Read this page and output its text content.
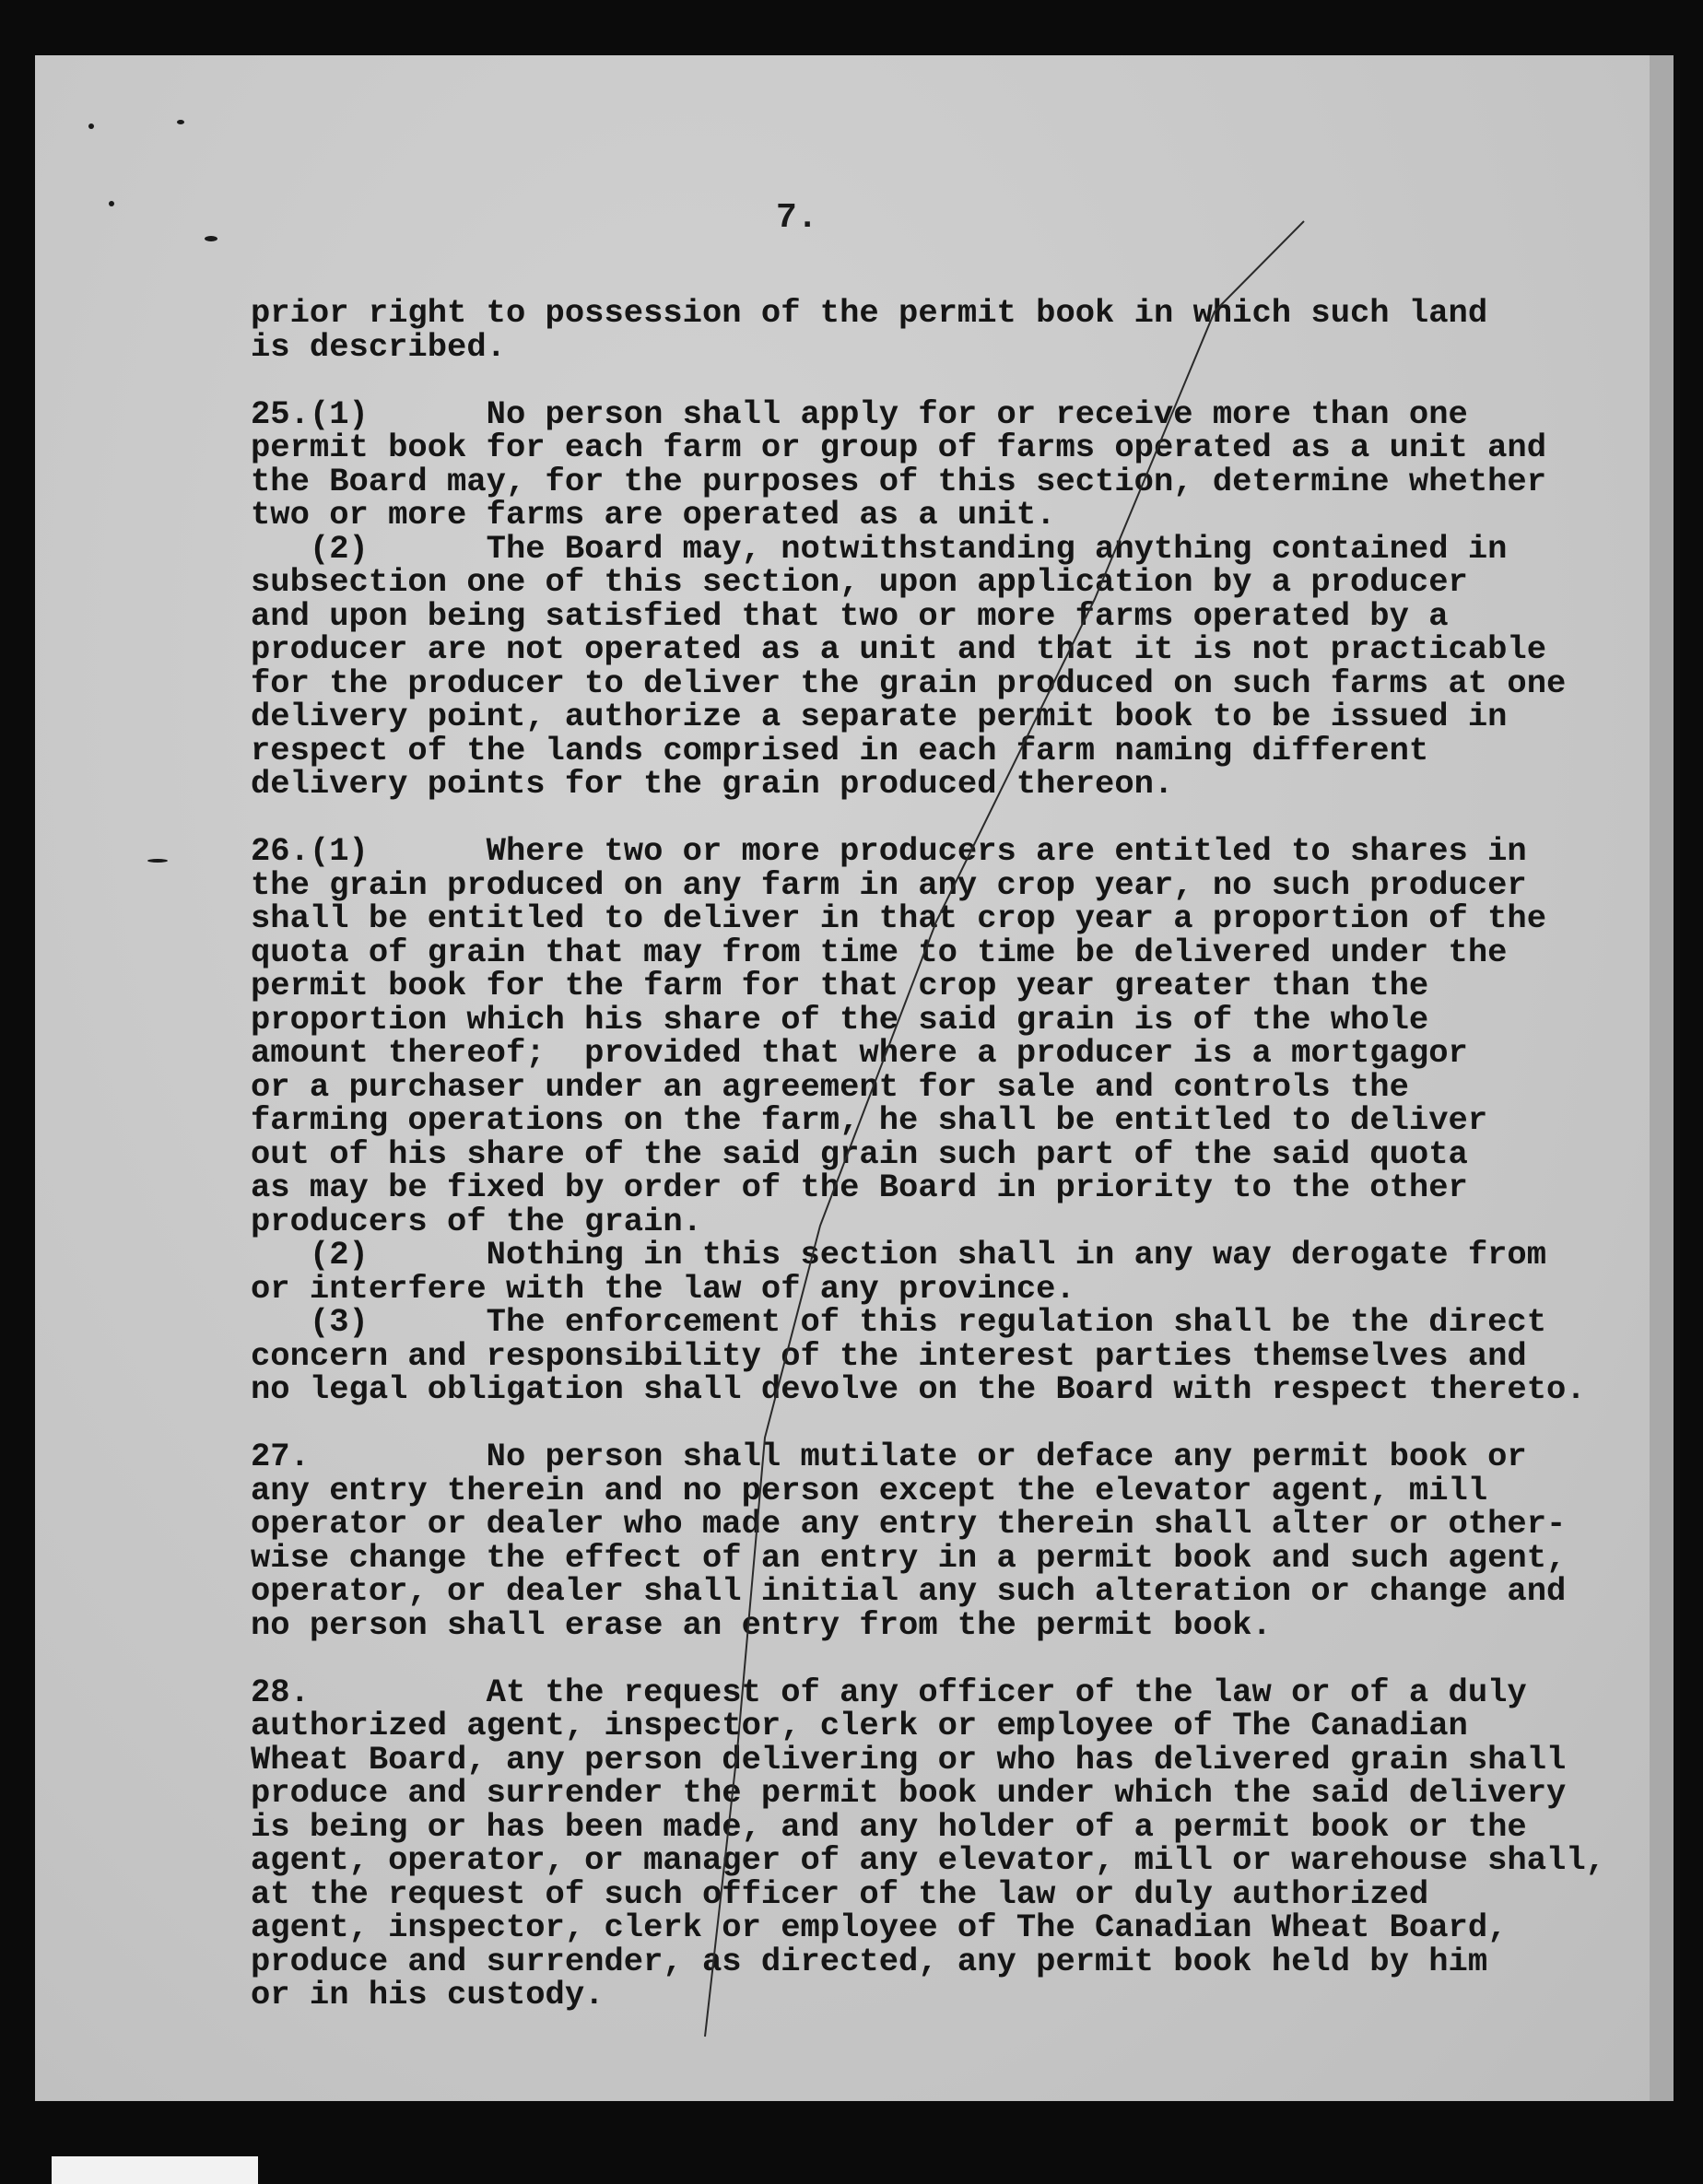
7.
prior right to possession of the permit book in which such land
is described.
25.(1)      No person shall apply for or receive more than one
permit book for each farm or group of farms operated as a unit and
the Board may, for the purposes of this section, determine whether
two or more farms are operated as a unit.
(2)      The Board may, notwithstanding anything contained in
subsection one of this section, upon application by a producer
and upon being satisfied that two or more farms operated by a
producer are not operated as a unit and that it is not practicable
for the producer to deliver the grain produced on such farms at one
delivery point, authorize a separate permit book to be issued in
respect of the lands comprised in each farm naming different
delivery points for the grain produced thereon.
26.(1)      Where two or more producers are entitled to shares in
the grain produced on any farm in any crop year, no such producer
shall be entitled to deliver in that crop year a proportion of the
quota of grain that may from time to time be delivered under the
permit book for the farm for that crop year greater than the
proportion which his share of the said grain is of the whole
amount thereof;  provided that where a producer is a mortgagor
or a purchaser under an agreement for sale and controls the
farming operations on the farm, he shall be entitled to deliver
out of his share of the said grain such part of the said quota
as may be fixed by order of the Board in priority to the other
producers of the grain.
(2)      Nothing in this section shall in any way derogate from
or interfere with the law of any province.
(3)      The enforcement of this regulation shall be the direct
concern and responsibility of the interest parties themselves and
no legal obligation shall devolve on the Board with respect thereto.
27.         No person shall mutilate or deface any permit book or
any entry therein and no person except the elevator agent, mill
operator or dealer who made any entry therein shall alter or other-
wise change the effect of an entry in a permit book and such agent,
operator, or dealer shall initial any such alteration or change and
no person shall erase an entry from the permit book.
28.         At the request of any officer of the law or of a duly
authorized agent, inspector, clerk or employee of The Canadian
Wheat Board, any person delivering or who has delivered grain shall
produce and surrender the permit book under which the said delivery
is being or has been made, and any holder of a permit book or the
agent, operator, or manager of any elevator, mill or warehouse shall,
at the request of such officer of the law or duly authorized
agent, inspector, clerk or employee of The Canadian Wheat Board,
produce and surrender, as directed, any permit book held by him
or in his custody.
